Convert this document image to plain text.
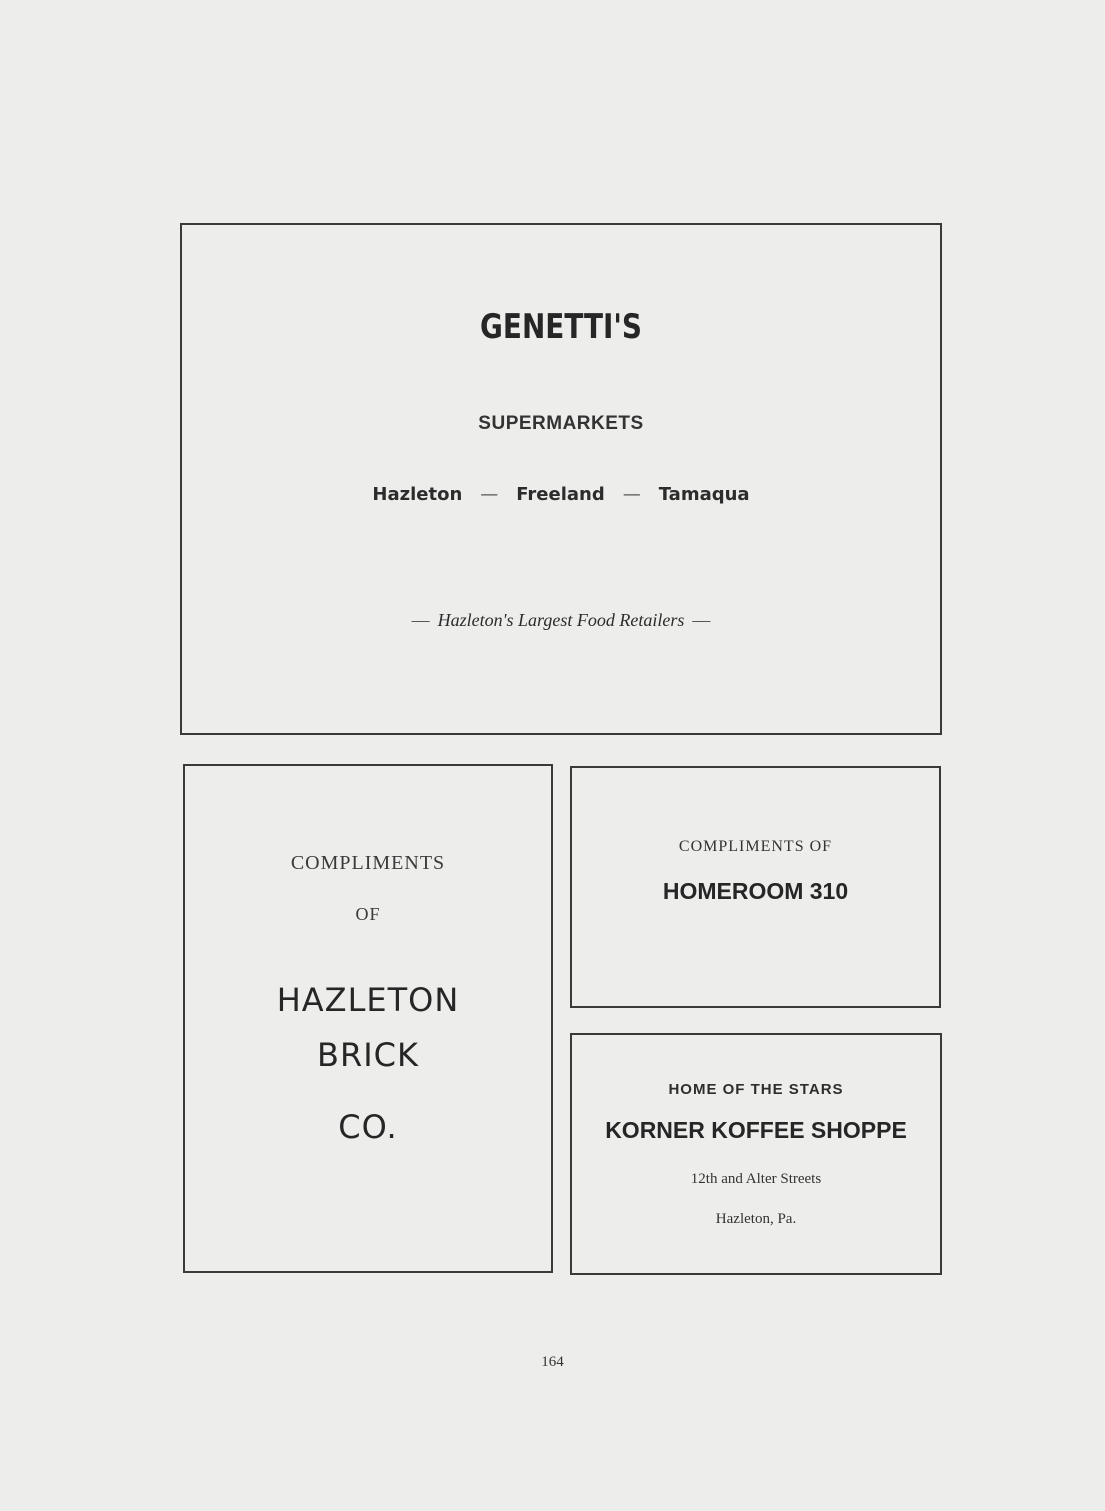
GENETTI'S
SUPERMARKETS
Hazleton — Freeland — Tamaqua
— Hazleton's Largest Food Retailers —
COMPLIMENTS
OF
HAZLETON
BRICK
CO.
COMPLIMENTS OF
HOMEROOM 310
HOME OF THE STARS
KORNER KOFFEE SHOPPE
12th and Alter Streets
Hazleton, Pa.
164
